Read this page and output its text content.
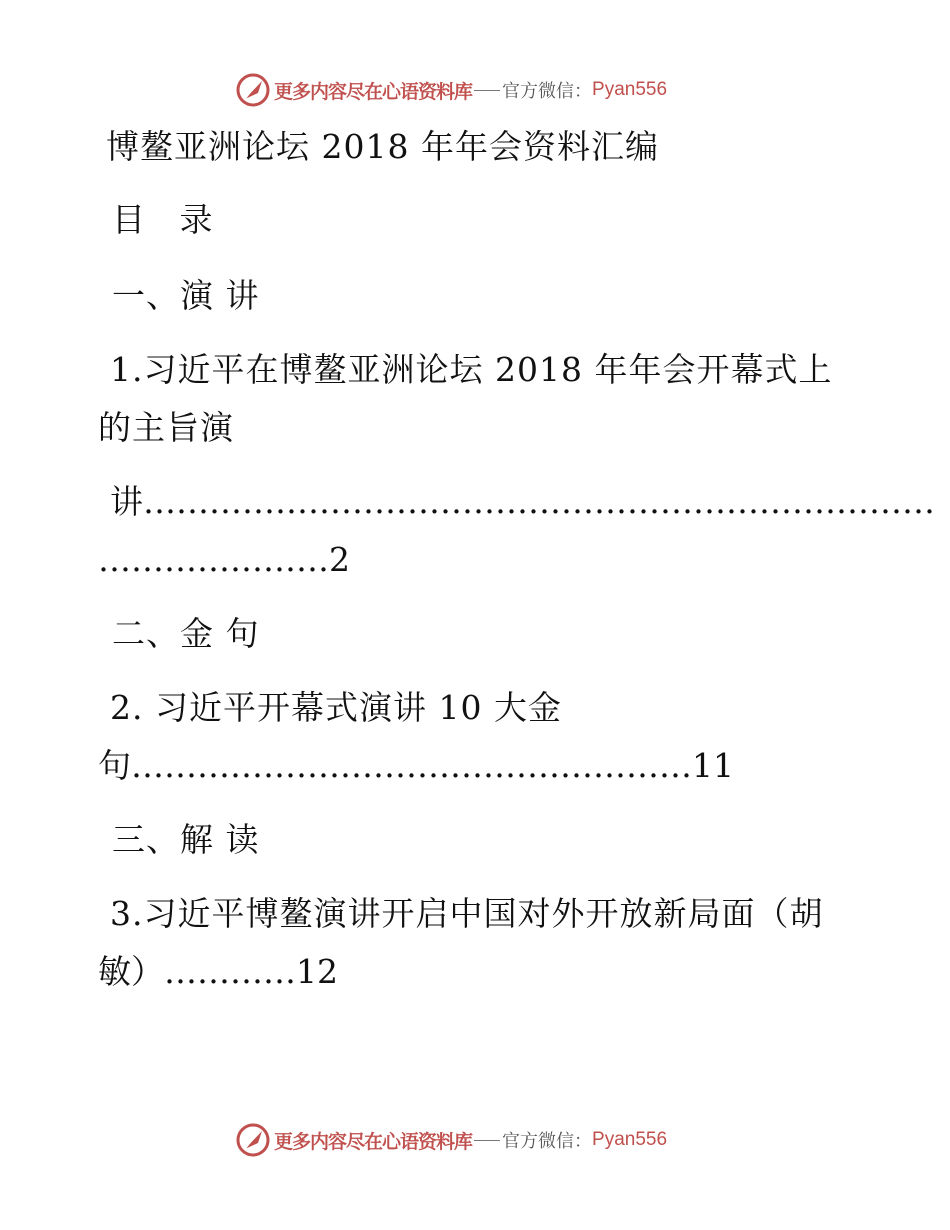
更多内容尽在心语资料库 官方微信： Pyan556
博鳌亚洲论坛 2018 年年会资料汇编
目 录
一、演 讲
1.习近平在博鳌亚洲论坛 2018 年年会开幕式上
的主旨演
讲………………………………………………………………
…………………2
二、金 句
2. 习近平开幕式演讲 10 大金
句……………………………………………11
三、解 读
3.习近平博鳌演讲开启中国对外开放新局面（胡
敏）…………12
更多内容尽在心语资料库 官方微信： Pyan556
